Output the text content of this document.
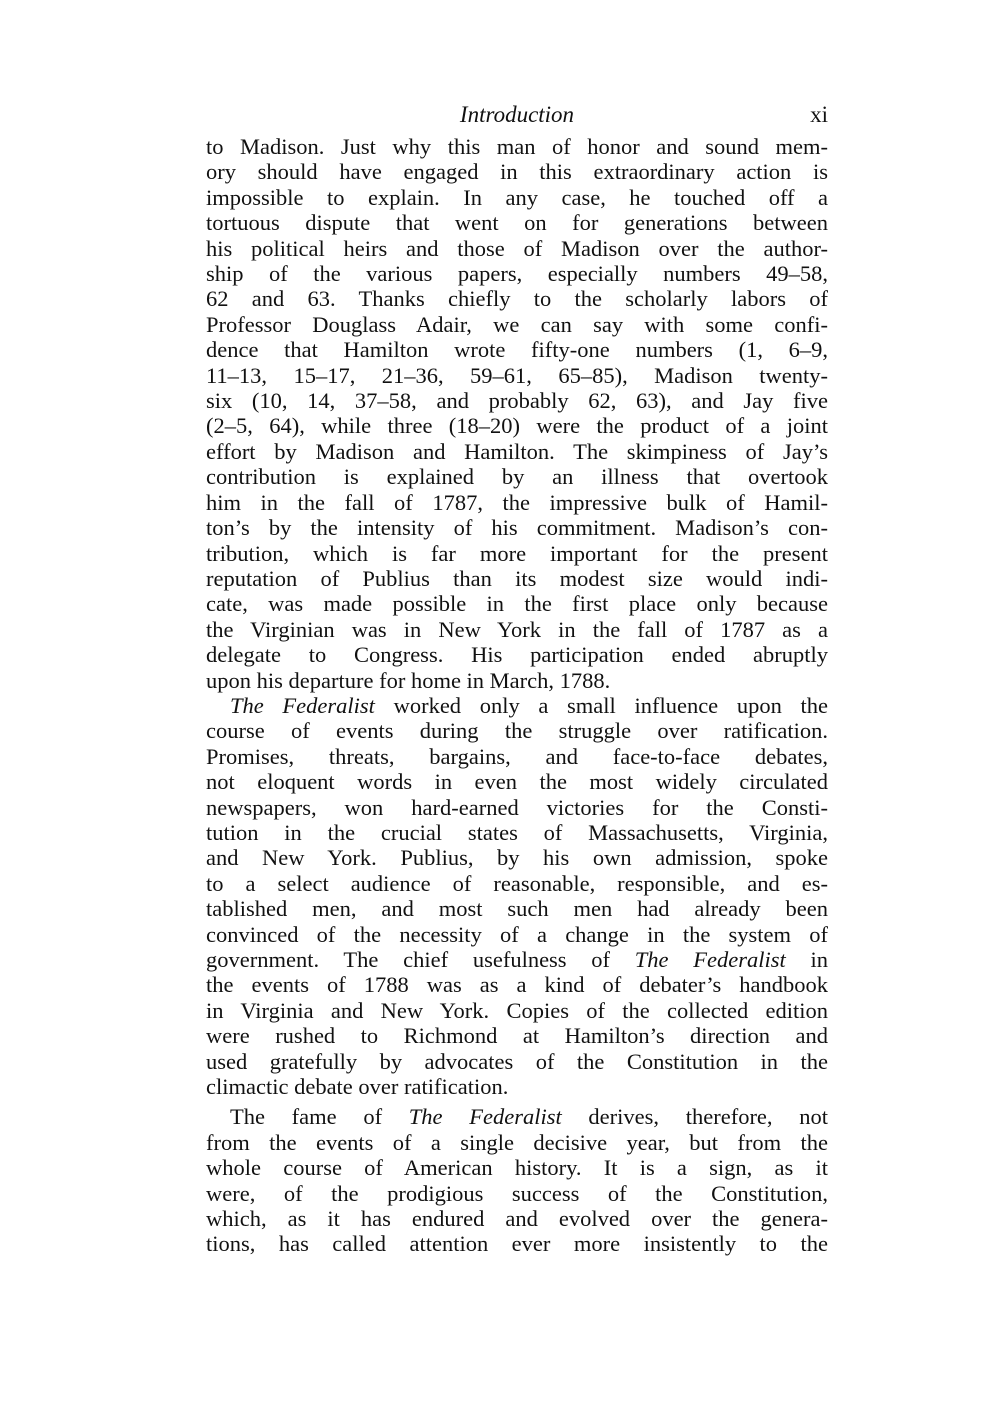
Introduction	xi

to Madison. Just why this man of honor and sound mem-
ory should have engaged in this extraordinary action is
impossible to explain. In any case, he touched off a
tortuous dispute that went on for generations between
his political heirs and those of Madison over the author-
ship of the various papers, especially numbers 49–58,
62 and 63. Thanks chiefly to the scholarly labors of
Professor Douglass Adair, we can say with some confi-
dence that Hamilton wrote fifty-one numbers (1, 6–9,
11–13, 15–17, 21–36, 59–61, 65–85), Madison twenty-
six (10, 14, 37–58, and probably 62, 63), and Jay five
(2–5, 64), while three (18–20) were the product of a joint
effort by Madison and Hamilton. The skimpiness of Jay’s
contribution is explained by an illness that overtook
him in the fall of 1787, the impressive bulk of Hamil-
ton’s by the intensity of his commitment. Madison’s con-
tribution, which is far more important for the present
reputation of Publius than its modest size would indi-
cate, was made possible in the first place only because
the Virginian was in New York in the fall of 1787 as a
delegate to Congress. His participation ended abruptly
upon his departure for home in March, 1788.

The Federalist worked only a small influence upon the
course of events during the struggle over ratification.
Promises, threats, bargains, and face-to-face debates,
not eloquent words in even the most widely circulated
newspapers, won hard-earned victories for the Consti-
tution in the crucial states of Massachusetts, Virginia,
and New York. Publius, by his own admission, spoke
to a select audience of reasonable, responsible, and es-
tablished men, and most such men had already been
convinced of the necessity of a change in the system of
government. The chief usefulness of The Federalist in
the events of 1788 was as a kind of debater’s handbook
in Virginia and New York. Copies of the collected edition
were rushed to Richmond at Hamilton’s direction and
used gratefully by advocates of the Constitution in the
climactic debate over ratification.

The fame of The Federalist derives, therefore, not
from the events of a single decisive year, but from the
whole course of American history. It is a sign, as it
were, of the prodigious success of the Constitution,
which, as it has endured and evolved over the genera-
tions, has called attention ever more insistently to the
